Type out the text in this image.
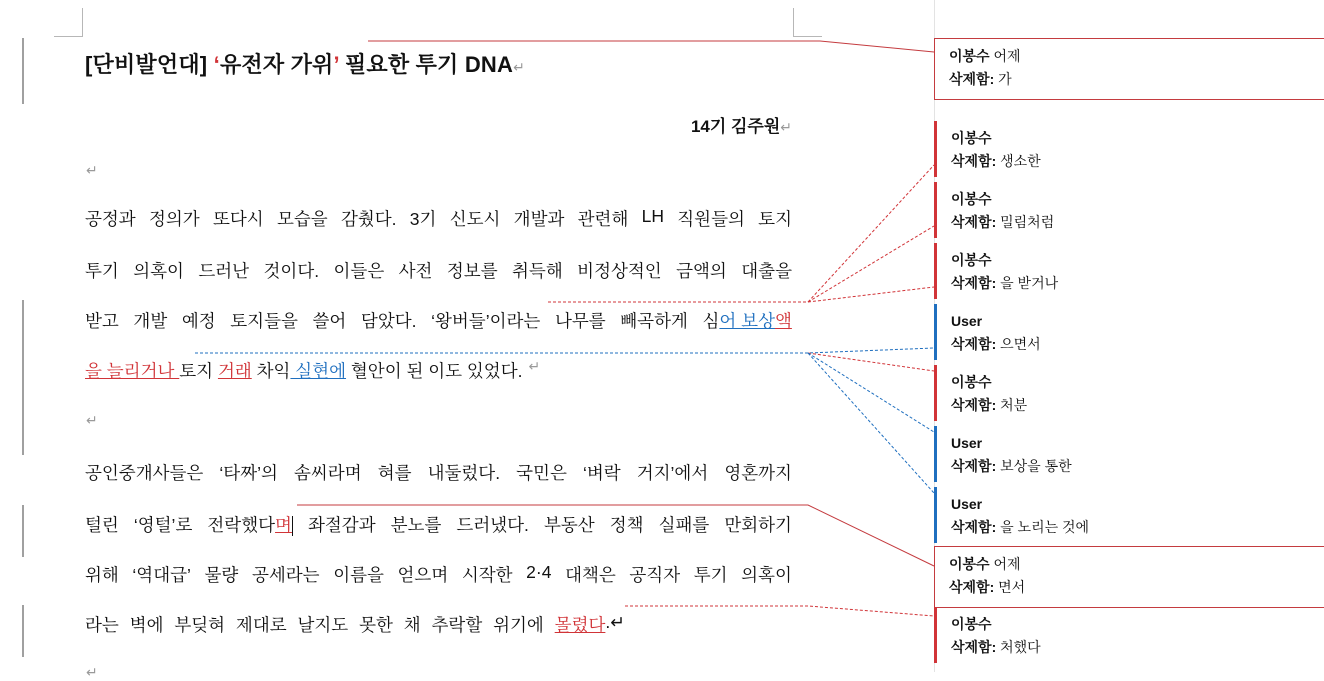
[단비발언대] ‘유전자 가위’ 필요한 투기 DNA↵
14기 김주원↵
↵
공정과 정의가 또다시 모습을 감췄다. 3기 신도시 개발과 관련해 LH 직원들의 토지
투기 의혹이 드러난 것이다. 이들은 사전 정보를 취득해 비정상적인 금액의 대출을
받고 개발 예정 토지들을 쓸어 담았다. ‘왕버들’이라는 나무를 빼곡하게 심어 보상액
을 늘리거나 토지 거래 차익 실현에 혈안이 된 이도 있었다. ↵
↵
공인중개사들은 ‘타짜’의 솜씨라며 혀를 내둘렀다. 국민은 ‘벼락 거지’에서 영혼까지
털린 ‘영털’로 전락했다며 좌절감과 분노를 드러냈다. 부동산 정책 실패를 만회하기
위해 ‘역대급’ 물량 공세라는 이름을 얻으며 시작한 2·4 대책은 공직자 투기 의혹이
라는 벽에 부딪혀 제대로 날지도 못한 채 추락할 위기에 몰렸다 .↵
↵
이봉수 어제
삭제함: 가
이봉수
삭제함: 생소한
이봉수
삭제함: 밀림처럼
이봉수
삭제함: 을 받거나
User
삭제함: 으면서
이봉수
삭제함: 처분
User
삭제함: 보상을 통한
User
삭제함: 을 노리는 것에
이봉수 어제
삭제함: 면서
이봉수
삭제함: 처했다
